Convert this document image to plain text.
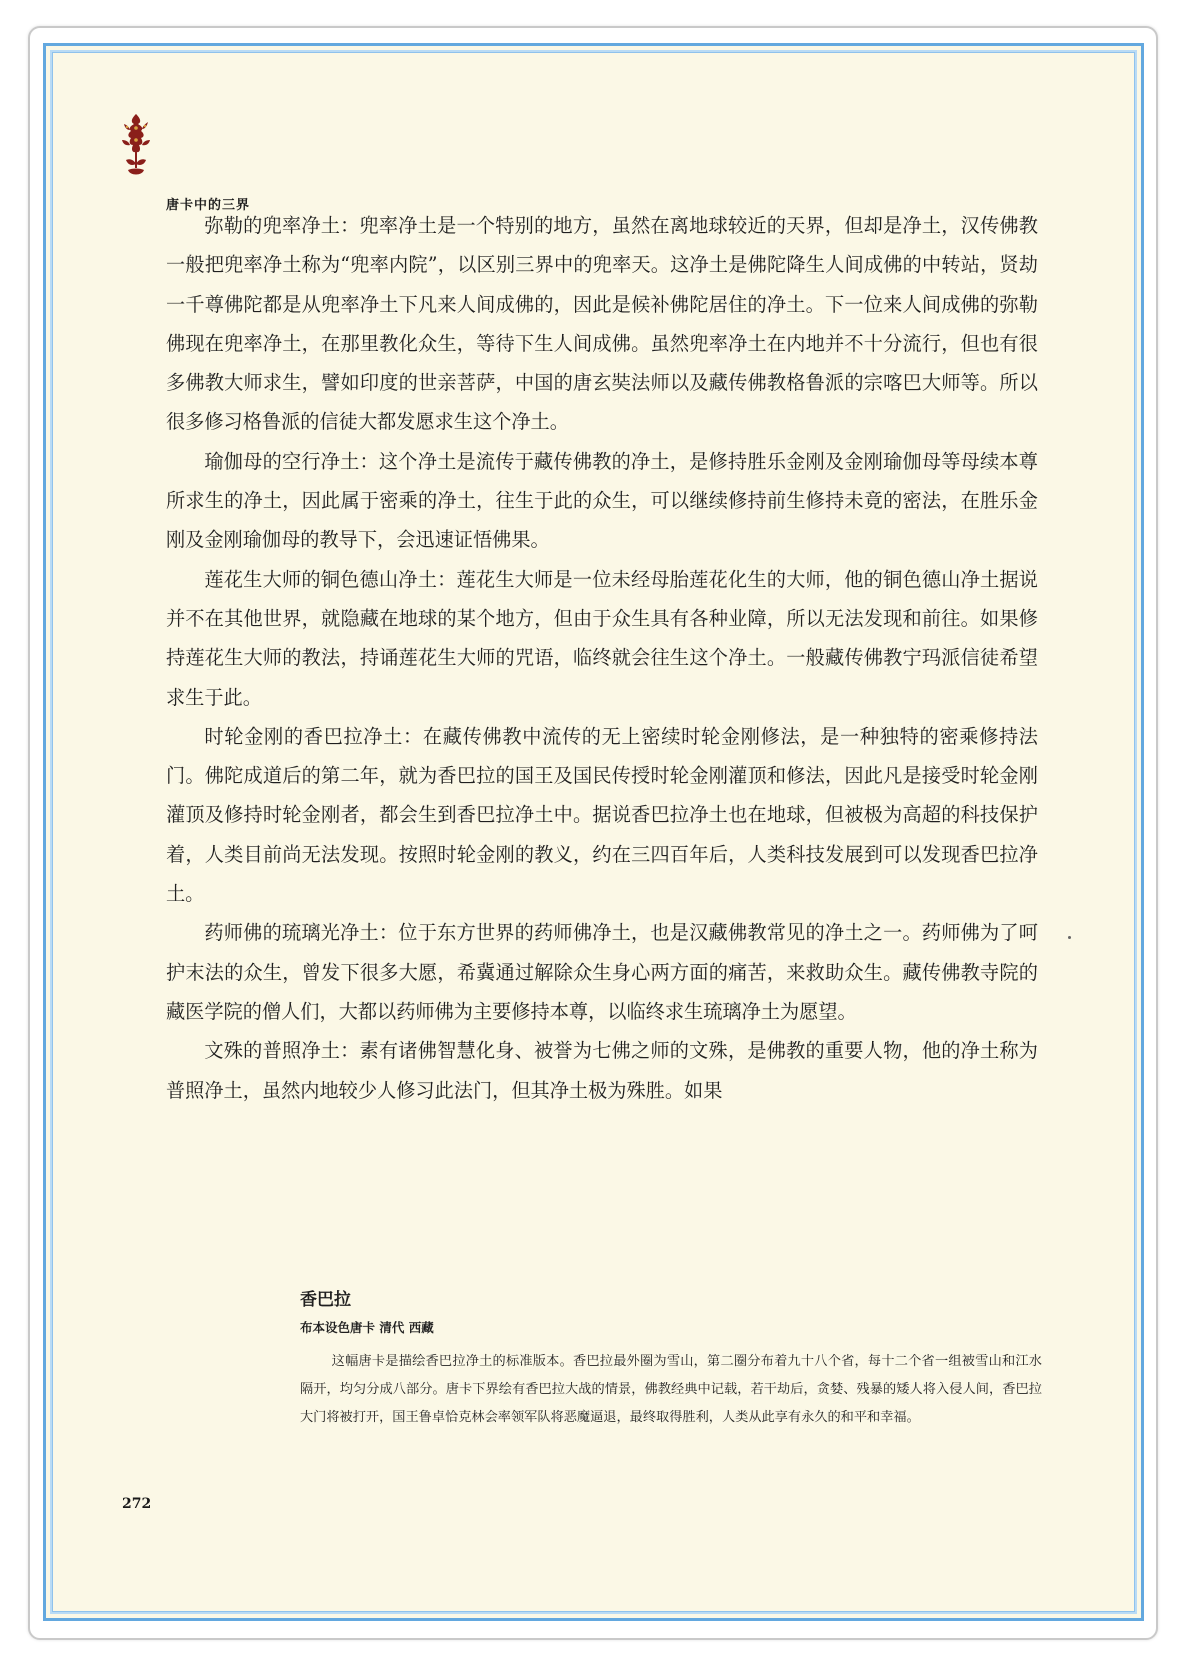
唐卡中的三界

弥勒的兜率净土：兜率净土是一个特别的地方，虽然在离地球较近的天界，但却是净土，汉传佛教一般把兜率净土称为“兜率内院”，以区别三界中的兜率天。这净土是佛陀降生人间成佛的中转站，贤劫一千尊佛陀都是从兜率净土下凡来人间成佛的，因此是候补佛陀居住的净土。下一位来人间成佛的弥勒佛现在兜率净土，在那里教化众生，等待下生人间成佛。虽然兜率净土在内地并不十分流行，但也有很多佛教大师求生，譬如印度的世亲菩萨，中国的唐玄奘法师以及藏传佛教格鲁派的宗喀巴大师等。所以很多修习格鲁派的信徒大都发愿求生这个净土。

瑜伽母的空行净土：这个净土是流传于藏传佛教的净土，是修持胜乐金刚及金刚瑜伽母等母续本尊所求生的净土，因此属于密乘的净土，往生于此的众生，可以继续修持前生修持未竟的密法，在胜乐金刚及金刚瑜伽母的教导下，会迅速证悟佛果。

莲花生大师的铜色德山净土：莲花生大师是一位未经母胎莲花化生的大师，他的铜色德山净土据说并不在其他世界，就隐藏在地球的某个地方，但由于众生具有各种业障，所以无法发现和前往。如果修持莲花生大师的教法，持诵莲花生大师的咒语，临终就会往生这个净土。一般藏传佛教宁玛派信徒希望求生于此。

时轮金刚的香巴拉净土：在藏传佛教中流传的无上密续时轮金刚修法，是一种独特的密乘修持法门。佛陀成道后的第二年，就为香巴拉的国王及国民传授时轮金刚灌顶和修法，因此凡是接受时轮金刚灌顶及修持时轮金刚者，都会生到香巴拉净土中。据说香巴拉净土也在地球，但被极为高超的科技保护着，人类目前尚无法发现。按照时轮金刚的教义，约在三四百年后，人类科技发展到可以发现香巴拉净土。

药师佛的琉璃光净土：位于东方世界的药师佛净土，也是汉藏佛教常见的净土之一。药师佛为了呵护末法的众生，曾发下很多大愿，希冀通过解除众生身心两方面的痛苦，来救助众生。藏传佛教寺院的藏医学院的僧人们，大都以药师佛为主要修持本尊，以临终求生琉璃净土为愿望。

文殊的普照净土：素有诸佛智慧化身、被誉为七佛之师的文殊，是佛教的重要人物，他的净土称为普照净土，虽然内地较少人修习此法门，但其净土极为殊胜。如果

香巴拉

布本设色唐卡 清代 西藏

这幅唐卡是描绘香巴拉净土的标准版本。香巴拉最外圈为雪山，第二圈分布着九十八个省，每十二个省一组被雪山和江水隔开，均匀分成八部分。唐卡下界绘有香巴拉大战的情景，佛教经典中记载，若干劫后，贪婪、残暴的矮人将入侵人间，香巴拉大门将被打开，国王鲁卓恰克林会率领军队将恶魔逼退，最终取得胜利，人类从此享有永久的和平和幸福。

272
